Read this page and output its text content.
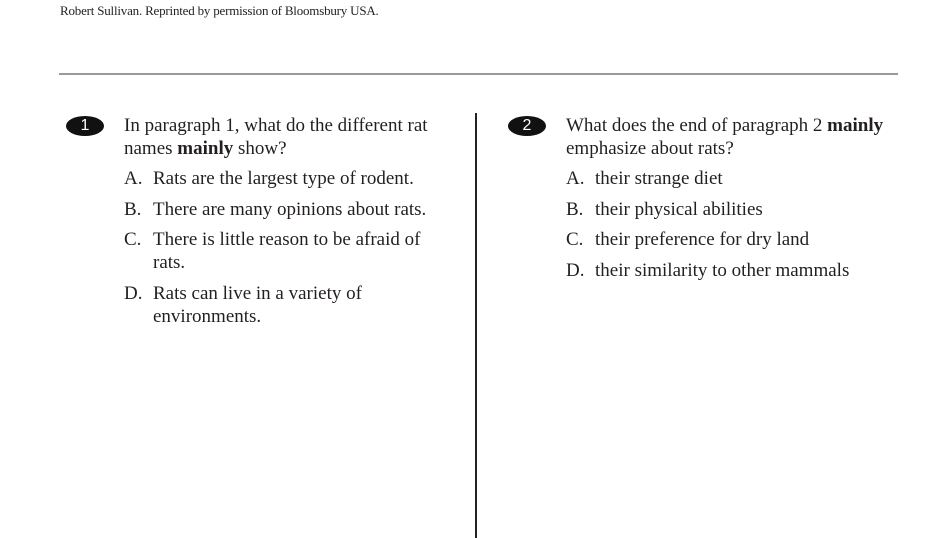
Robert Sullivan. Reprinted by permission of Bloomsbury USA.
1	In paragraph 1, what do the different rat names mainly show?
A. Rats are the largest type of rodent.
B. There are many opinions about rats.
C. There is little reason to be afraid of rats.
D. Rats can live in a variety of environments.
2	What does the end of paragraph 2 mainly emphasize about rats?
A. their strange diet
B. their physical abilities
C. their preference for dry land
D. their similarity to other mammals
